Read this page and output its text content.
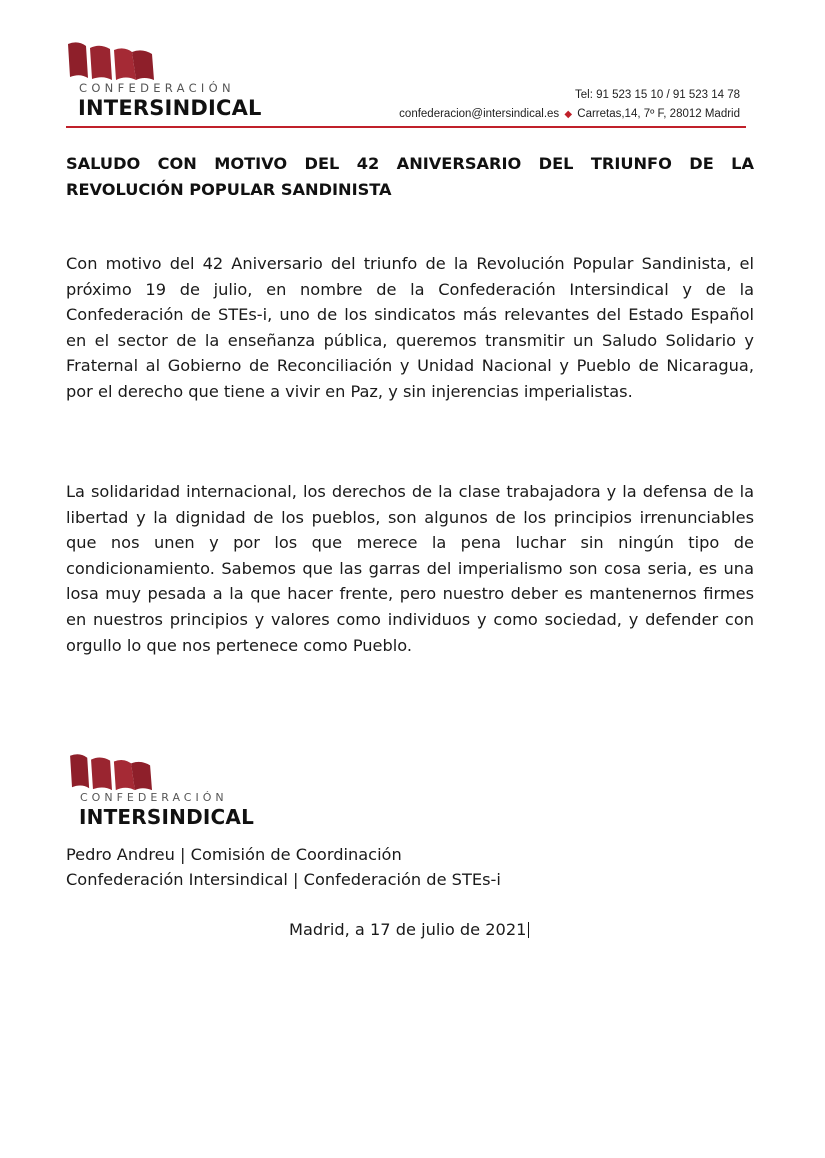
CONFEDERACIÓN
INTERSINDICAL
Tel: 91 523 15 10 / 91 523 14 78
confederacion@intersindical.es ◆ Carretas,14, 7º F, 28012 Madrid
SALUDO CON MOTIVO DEL 42 ANIVERSARIO DEL TRIUNFO DE LA REVOLUCIÓN POPULAR SANDINISTA
Con motivo del 42 Aniversario del triunfo de la Revolución Popular Sandinista, el próximo 19 de julio, en nombre de la Confederación Intersindical y de la Confederación de STEs-i, uno de los sindicatos más relevantes del Estado Español en el sector de la enseñanza pública, queremos transmitir un Saludo Solidario y Fraternal al Gobierno de Reconciliación y Unidad Nacional y Pueblo de Nicaragua, por el derecho que tiene a vivir en Paz, y sin injerencias imperialistas.
La solidaridad internacional, los derechos de la clase trabajadora y la defensa de la libertad y la dignidad de los pueblos, son algunos de los principios irrenunciables que nos unen y por los que merece la pena luchar sin ningún tipo de condicionamiento. Sabemos que las garras del imperialismo son cosa seria, es una losa muy pesada a la que hacer frente, pero nuestro deber es mantenernos firmes en nuestros principios y valores como individuos y como sociedad, y defender con orgullo lo que nos pertenece como Pueblo.
CONFEDERACIÓN
INTERSINDICAL
Pedro Andreu | Comisión de Coordinación
Confederación Intersindical | Confederación de STEs-i
Madrid, a 17 de julio de 2021
